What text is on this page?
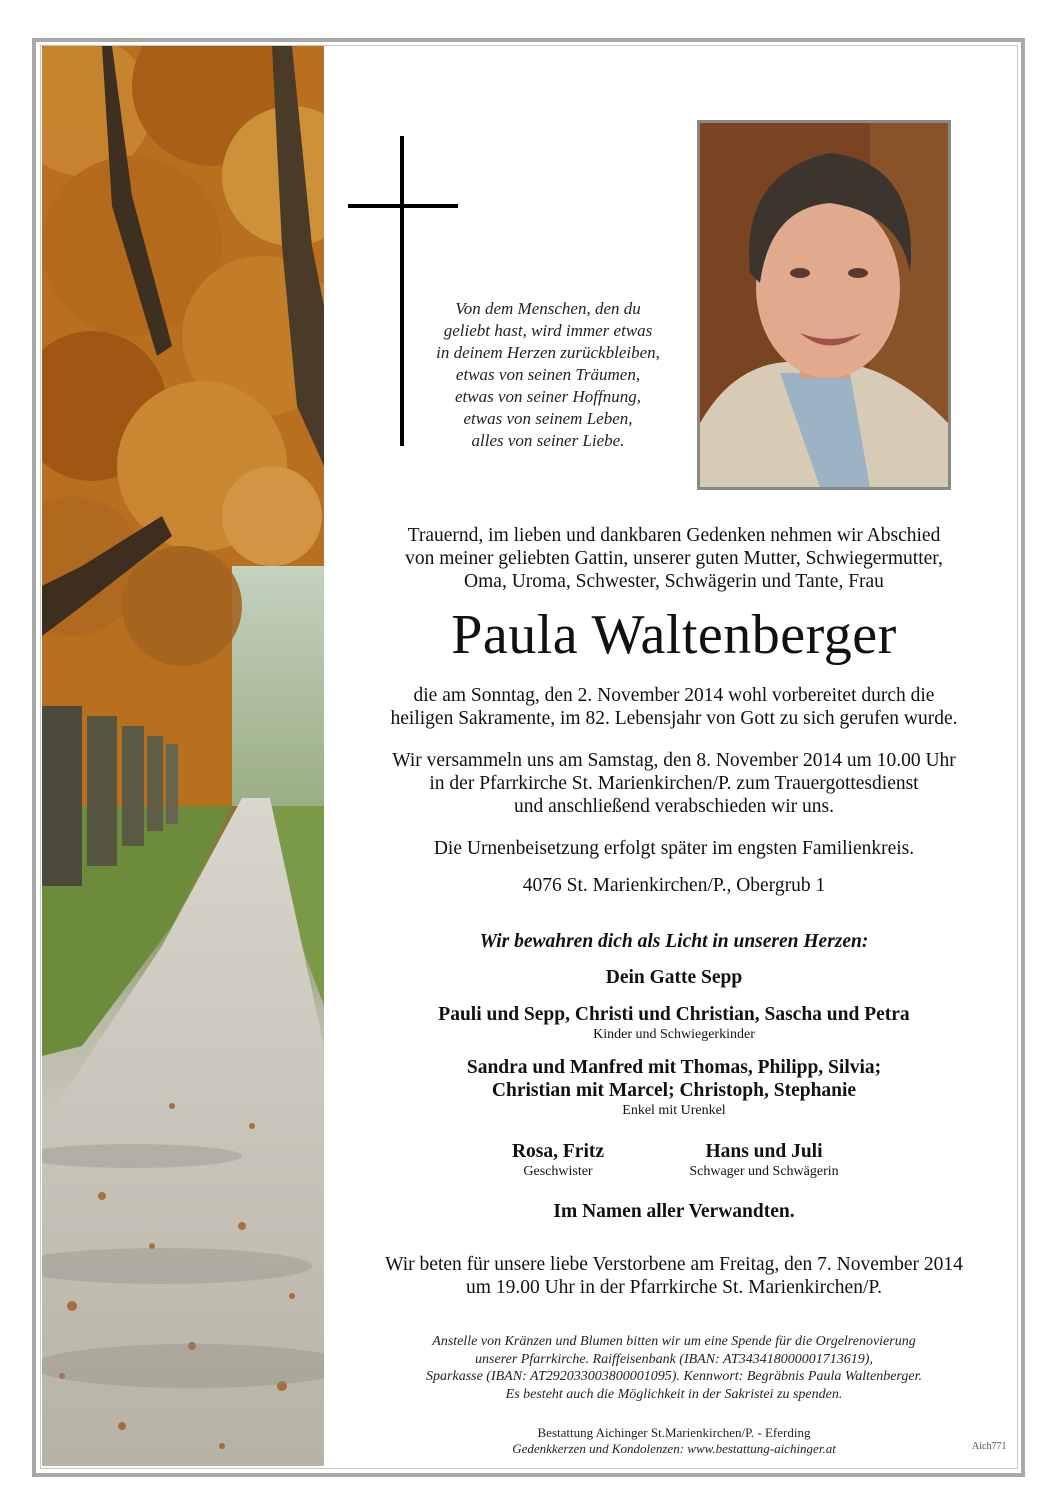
Von dem Menschen, den du
geliebt hast, wird immer etwas
in deinem Herzen zurückbleiben,
etwas von seinen Träumen,
etwas von seiner Hoffnung,
etwas von seinem Leben,
alles von seiner Liebe.
Trauernd, im lieben und dankbaren Gedenken nehmen wir Abschied
von meiner geliebten Gattin, unserer guten Mutter, Schwiegermutter,
Oma, Uroma, Schwester, Schwägerin und Tante, Frau
Paula Waltenberger
die am Sonntag, den 2. November 2014 wohl vorbereitet durch die
heiligen Sakramente, im 82. Lebensjahr von Gott zu sich gerufen wurde.
Wir versammeln uns am Samstag, den 8. November 2014 um 10.00 Uhr
in der Pfarrkirche St. Marienkirchen/P. zum Trauergottesdienst
und anschließend verabschieden wir uns.
Die Urnenbeisetzung erfolgt später im engsten Familienkreis.
4076 St. Marienkirchen/P., Obergrub 1
Wir bewahren dich als Licht in unseren Herzen:
Dein Gatte Sepp
Pauli und Sepp, Christi und Christian, Sascha und Petra
Kinder und Schwiegerkinder
Sandra und Manfred mit Thomas, Philipp, Silvia;
Christian mit Marcel; Christoph, Stephanie
Enkel mit Urenkel
Rosa, Fritz
Geschwister
Hans und Juli
Schwager und Schwägerin
Im Namen aller Verwandten.
Wir beten für unsere liebe Verstorbene am Freitag, den 7. November 2014
um 19.00 Uhr in der Pfarrkirche St. Marienkirchen/P.
Anstelle von Kränzen und Blumen bitten wir um eine Spende für die Orgelrenovierung
unserer Pfarrkirche. Raiffeisenbank (IBAN: AT343418000001713619),
Sparkasse (IBAN: AT292033003800001095). Kennwort: Begräbnis Paula Waltenberger.
Es besteht auch die Möglichkeit in der Sakristei zu spenden.
Bestattung Aichinger St.Marienkirchen/P. - Eferding
Gedenkkerzen und Kondolenzen: www.bestattung-aichinger.at	Aich771
